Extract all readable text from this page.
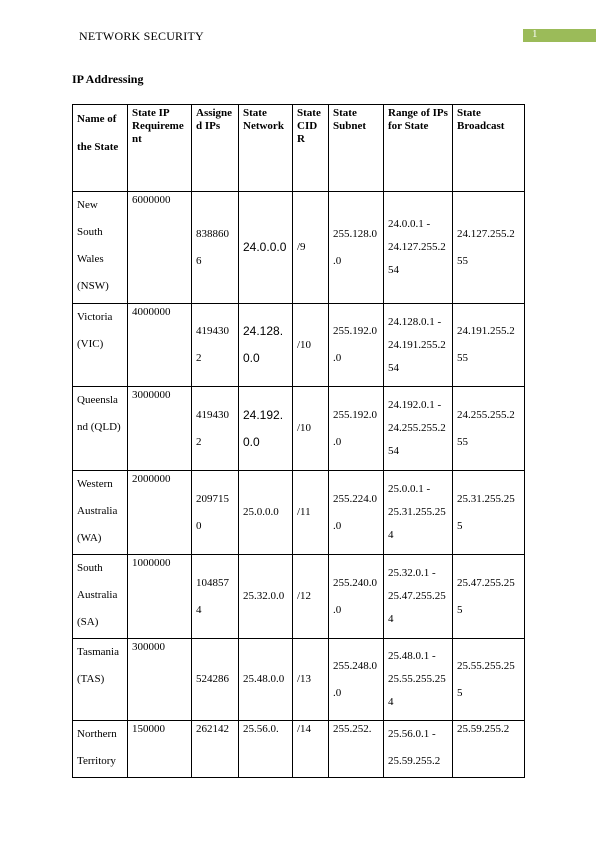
NETWORK SECURITY	1
IP Addressing
Name of the State	State IP Requirement	Assigned IPs	State Network	State CIDR	State Subnet	Range of IPs for State	State Broadcast
New South Wales (NSW)	6000000	8388606	24.0.0.0	/9	255.128.0.0	24.0.0.1 - 24.127.255.254	24.127.255.255
Victoria (VIC)	4000000	4194302	24.128.0.0	/10	255.192.0.0	24.128.0.1 - 24.191.255.254	24.191.255.255
Queensland (QLD)	3000000	4194302	24.192.0.0	/10	255.192.0.0	24.192.0.1 - 24.255.255.254	24.255.255.255
Western Australia (WA)	2000000	2097150	25.0.0.0	/11	255.224.0.0	25.0.0.1 - 25.31.255.254	25.31.255.255
South Australia (SA)	1000000	1048574	25.32.0.0	/12	255.240.0.0	25.32.0.1 - 25.47.255.254	25.47.255.255
Tasmania (TAS)	300000	524286	25.48.0.0	/13	255.248.0.0	25.48.0.1 - 25.55.255.254	25.55.255.255
Northern Territory	150000	262142	25.56.0.	/14	255.252.	25.56.0.1 - 25.59.255.2	25.59.255.2
